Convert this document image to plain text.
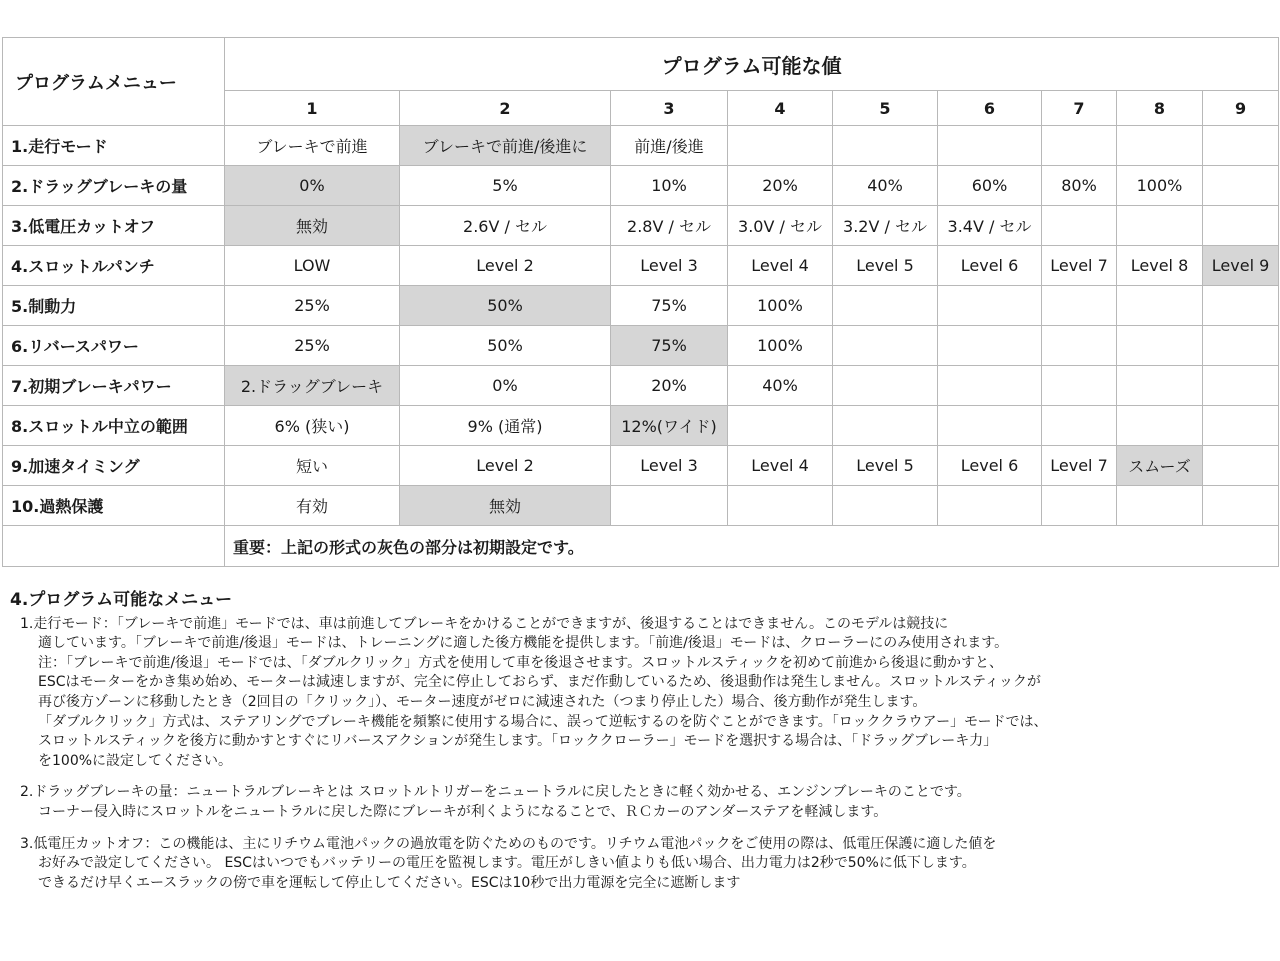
プログラムメニュー	プログラム可能な値								
	1	2	3	4	5	6	7	8	9
1.走行モード	ブレーキで前進	ブレーキで前進/後進に	前進/後進						
2.ドラッグブレーキの量	0%	5%	10%	20%	40%	60%	80%	100%	
3.低電圧カットオフ	無効	2.6V / セル	2.8V / セル	3.0V / セル	3.2V / セル	3.4V / セル			
4.スロットルパンチ	LOW	Level 2	Level 3	Level 4	Level 5	Level 6	Level 7	Level 8	Level 9
5.制動力	25%	50%	75%	100%					
6.リバースパワー	25%	50%	75%	100%					
7.初期ブレーキパワー	2.ドラッグブレーキ	0%	20%	40%					
8.スロットル中立の範囲	6% (狭い)	9% (通常)	12%(ワイド)						
9.加速タイミング	短い	Level 2	Level 3	Level 4	Level 5	Level 6	Level 7	スムーズ	
10.過熱保護	有効	無効							
	重要：上記の形式の灰色の部分は初期設定です。								
4.プログラム可能なメニュー
1.走行モード：「ブレーキで前進」モードでは、車は前進してブレーキをかけることができますが、後退することはできません。このモデルは競技に
適しています。「ブレーキで前進/後退」モードは、トレーニングに適した後方機能を提供します。「前進/後退」モードは、クローラーにのみ使用されます。
注：「ブレーキで前進/後退」モードでは、「ダブルクリック」方式を使用して車を後退させます。スロットルスティックを初めて前進から後退に動かすと、
ESCはモーターをかき集め始め、モーターは減速しますが、完全に停止しておらず、まだ作動しているため、後退動作は発生しません。スロットルスティックが
再び後方ゾーンに移動したとき（2回目の「クリック」）、モーター速度がゼロに減速された（つまり停止した）場合、後方動作が発生します。
「ダブルクリック」方式は、ステアリングでブレーキ機能を頻繁に使用する場合に、誤って逆転するのを防ぐことができます。「ロッククラウアー」モードでは、
スロットルスティックを後方に動かすとすぐにリバースアクションが発生します。「ロッククローラー」モードを選択する場合は、「ドラッグブレーキ力」
を100%に設定してください。
2.ドラッグブレーキの量：ニュートラルブレーキとは スロットルトリガーをニュートラルに戻したときに軽く効かせる、エンジンブレーキのことです。
コーナー侵入時にスロットルをニュートラルに戻した際にブレーキが利くようになることで、ＲＣカーのアンダーステアを軽減します。
3.低電圧カットオフ：この機能は、主にリチウム電池パックの過放電を防ぐためのものです。リチウム電池パックをご使用の際は、低電圧保護に適した値を
お好みで設定してください。 ESCはいつでもバッテリーの電圧を監視します。電圧がしきい値よりも低い場合、出力電力は2秒で50%に低下します。
できるだけ早くエースラックの傍で車を運転して停止してください。ESCは10秒で出力電源を完全に遮断します
